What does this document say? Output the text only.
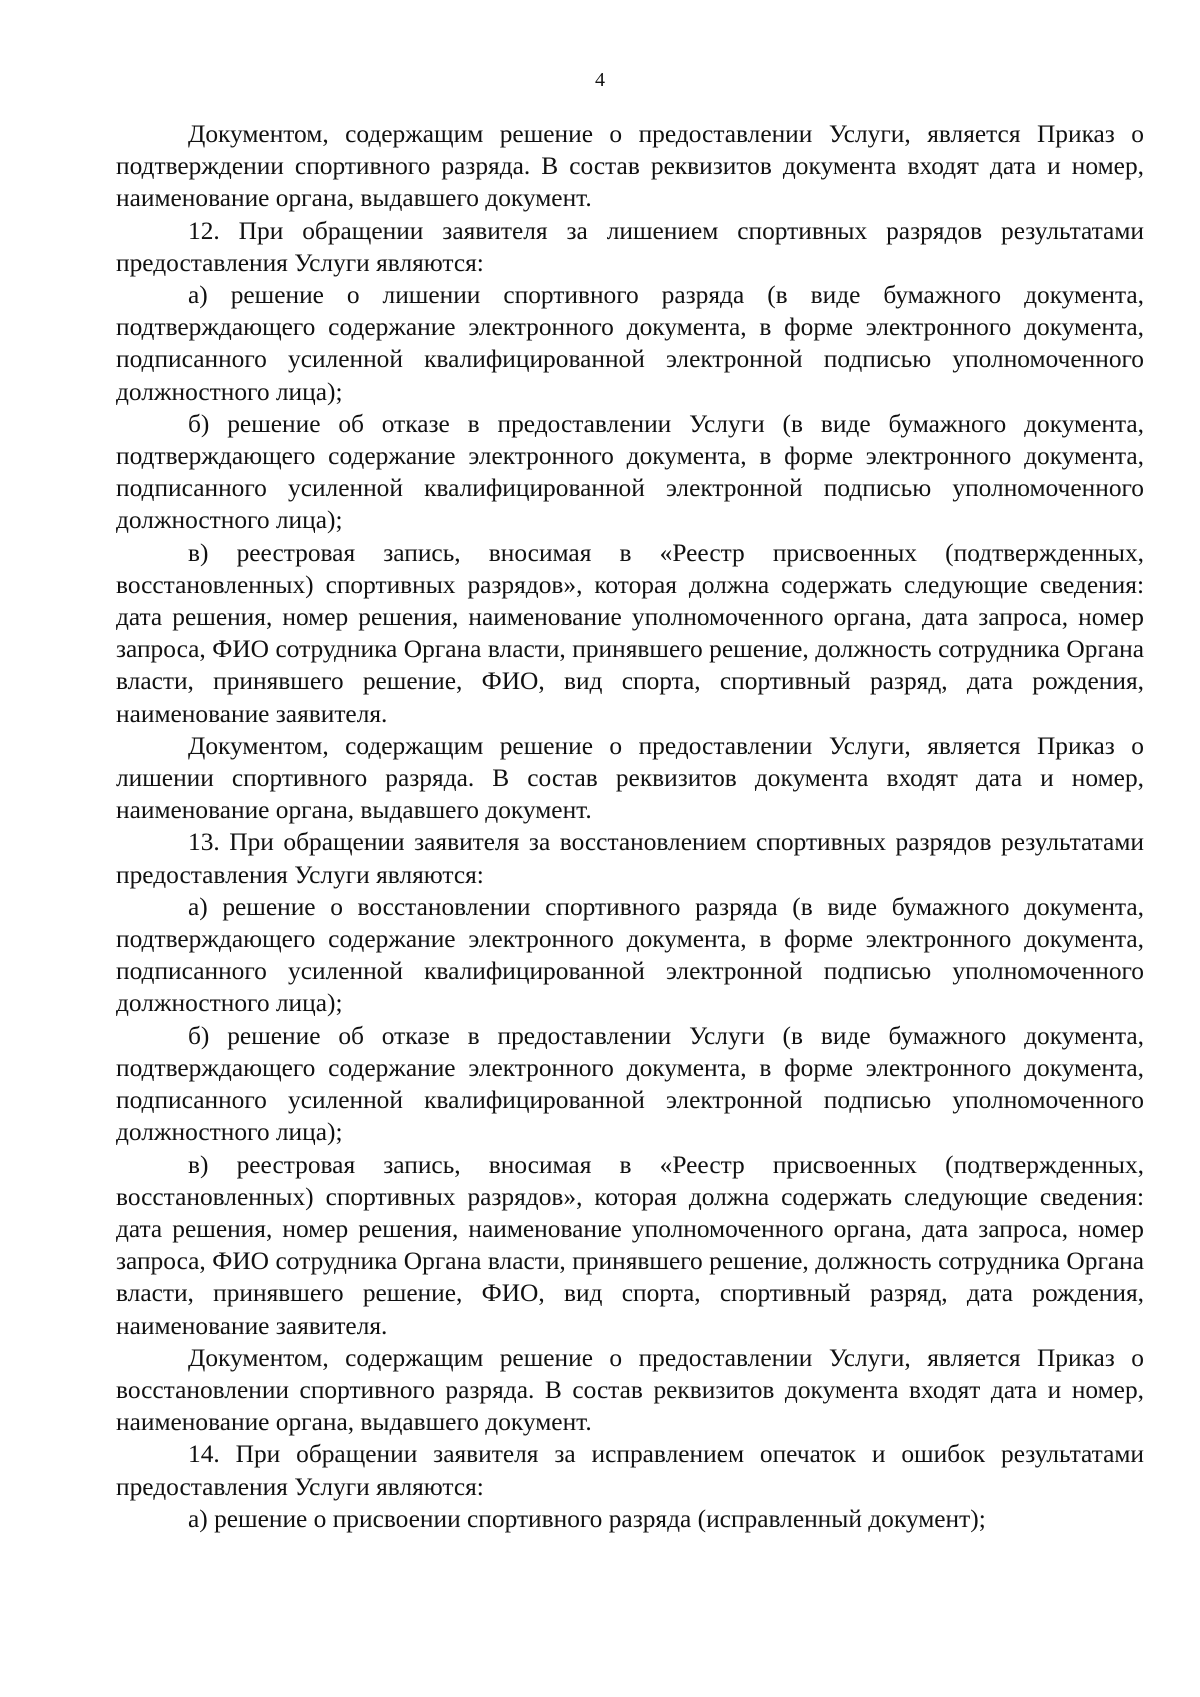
4

Документом, содержащим решение о предоставлении Услуги, является Приказ о подтверждении спортивного разряда. В состав реквизитов документа входят дата и номер, наименование органа, выдавшего документ.

12. При обращении заявителя за лишением спортивных разрядов результатами предоставления Услуги являются:

а) решение о лишении спортивного разряда (в виде бумажного документа, подтверждающего содержание электронного документа, в форме электронного документа, подписанного усиленной квалифицированной электронной подписью уполномоченного должностного лица);

б) решение об отказе в предоставлении Услуги (в виде бумажного документа, подтверждающего содержание электронного документа, в форме электронного документа, подписанного усиленной квалифицированной электронной подписью уполномоченного должностного лица);

в) реестровая запись, вносимая в «Реестр присвоенных (подтвержденных, восстановленных) спортивных разрядов», которая должна содержать следующие сведения: дата решения, номер решения, наименование уполномоченного органа, дата запроса, номер запроса, ФИО сотрудника Органа власти, принявшего решение, должность сотрудника Органа власти, принявшего решение, ФИО, вид спорта, спортивный разряд, дата рождения, наименование заявителя.

Документом, содержащим решение о предоставлении Услуги, является Приказ о лишении спортивного разряда. В состав реквизитов документа входят дата и номер, наименование органа, выдавшего документ.

13. При обращении заявителя за восстановлением спортивных разрядов результатами предоставления Услуги являются:

а) решение о восстановлении спортивного разряда (в виде бумажного документа, подтверждающего содержание электронного документа, в форме электронного документа, подписанного усиленной квалифицированной электронной подписью уполномоченного должностного лица);

б) решение об отказе в предоставлении Услуги (в виде бумажного документа, подтверждающего содержание электронного документа, в форме электронного документа, подписанного усиленной квалифицированной электронной подписью уполномоченного должностного лица);

в) реестровая запись, вносимая в «Реестр присвоенных (подтвержденных, восстановленных) спортивных разрядов», которая должна содержать следующие сведения: дата решения, номер решения, наименование уполномоченного органа, дата запроса, номер запроса, ФИО сотрудника Органа власти, принявшего решение, должность сотрудника Органа власти, принявшего решение, ФИО, вид спорта, спортивный разряд, дата рождения, наименование заявителя.

Документом, содержащим решение о предоставлении Услуги, является Приказ о восстановлении спортивного разряда. В состав реквизитов документа входят дата и номер, наименование органа, выдавшего документ.

14. При обращении заявителя за исправлением опечаток и ошибок результатами предоставления Услуги являются:

а) решение о присвоении спортивного разряда (исправленный документ);
